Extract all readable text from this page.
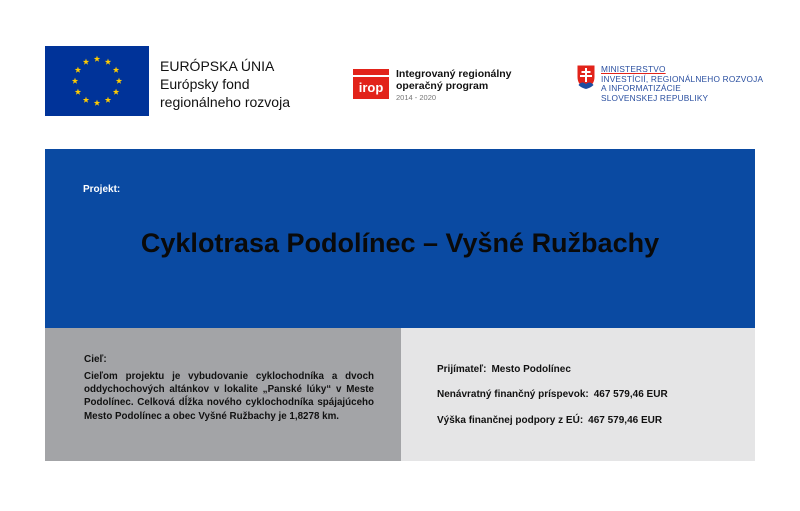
EURÓPSKA ÚNIA
Európsky fond
regionálneho rozvoja
irop
Integrovaný regionálny
operačný program
2014 - 2020
MINISTERSTVO
INVESTÍCIÍ, REGIONÁLNEHO ROZVOJA
A INFORMATIZÁCIE
SLOVENSKEJ REPUBLIKY
Projekt:
Cyklotrasa Podolínec – Vyšné Ružbachy
Cieľ:
Cieľom projektu je vybudovanie cyklochodníka a dvoch oddychochových altánkov v lokalite „Panské lúky“ v Meste Podolínec. Celková dĺžka nového cyklochodníka spájajúceho Mesto Podolínec a obec Vyšné Ružbachy je 1,8278 km.
Prijímateľ: Mesto Podolínec
Nenávratný finančný príspevok: 467 579,46 EUR
Výška finančnej podpory z EÚ: 467 579,46 EUR
